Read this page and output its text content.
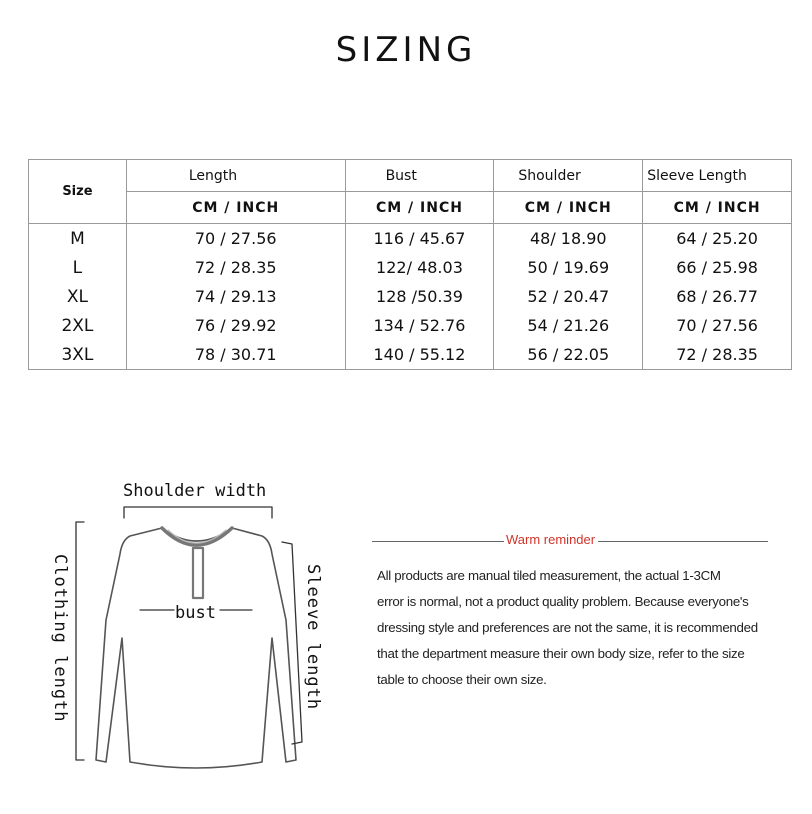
SIZING
Size	Length	Bust	Shoulder	Sleeve Length
	CM / INCH	CM / INCH	CM / INCH	CM / INCH
M	70 / 27.56	116 / 45.67	48/ 18.90	64 / 25.20
L	72 / 28.35	122/ 48.03	50 / 19.69	66 / 25.98
XL	74 / 29.13	128 /50.39	52 / 20.47	68 / 26.77
2XL	76 / 29.92	134 / 52.76	54 / 21.26	70 / 27.56
3XL	78 / 30.71	140 / 55.12	56 / 22.05	72 / 28.35
Shoulder width
bust
Clothing length	Sleeve length
Warm reminder
All products are manual tiled measurement, the actual 1-3CM
error is normal, not a product quality problem. Because everyone's
dressing style and preferences are not the same, it is recommended
that the department measure their own body size, refer to the size
table to choose their own size.
